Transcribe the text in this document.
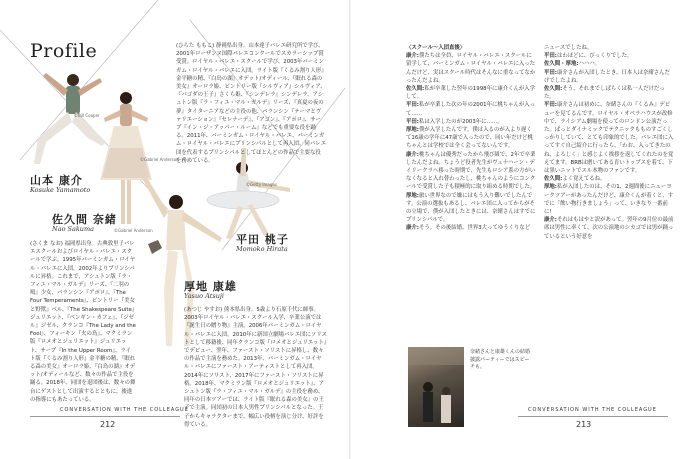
Profile
©Bill Cooper
©Gabriel Anderson
©Gabriel Anderson
©Getty Images
山本 康介
Kosuke Yamamoto
佐久間 奈緒
Nao Sakuma
平田 桃子
Momoko Hirata
厚地 康雄
Yasuo Atsuji

(ひらた ももこ) 静岡県出身。山本達子バレエ研究所で学び、2001年ローザンヌ国際バレエコンクールでスカラーシップ賞受賞。ロイヤル・バレエ・スクールで学び、2003年バーミンガム・ロイヤル・バレエに入団。ライト版『くるみ割り人形』金平糖の精、『白鳥の湖』オデット/オディール、『眠れる森の美女』オーロラ姫、ビントリー版『シルヴィア』シルヴィア、『パゴダの王子』さくら姫、『シンデレラ』シンデレラ、アシュトン版『ラ・フィユ・マル・ガルデ』リーズ、『真夏の夜の夢』タイターニアなどの主役の他、バランシン『テーマとヴァリエーション』『セレナーデ』、『アゴン』、『アポロ』、サープ『イン・ジ・アッパー・ルーム』などでも重要な役を踊る。2011年、バーミンガム・ロイヤル・バレエ、バーミンガム・ロイヤル・バレエにプリンシパルとして再入団。同バレエ団を代表するプリンシパルとしてほとんどの作品で主要な役を務めている。

(さくま なお) 福岡県出身。古典敦里子バレエスクールおよびロイヤル・バレエ・スクールで学ぶ。1995年バーミンガム・ロイヤル・バレエに入団。2002年よりプリンシパルに昇格。これまで、アシュトン版『ラ・フィユ・マル・ガルデ』リーズ、『二羽の鳩』少女、バランシン『アポロ』、『The Four Temperaments』、ビントリー『美女と野獣』ベル、『The Shakespeare Suite』ジュリエット、『ペンギン・カフェ』、『ジゼル』ジゼル、クランコ『The Lady and the Fool』、フォーキン『火の鳥』、マクミラン版『ロメオとジュリエット』ジュリエット、サープ『In the Upper Room』、ライト版『くるみ割り人形』金平糖の精、『眠れる森の美女』オーロラ姫、『白鳥の湖』オデット/オディールなど、数々の作品で主役を踊る。2018年、同団を退団後は、数々の舞台にゲストとして出演するとともに、後進の指導にもあたっている。

(あつじ やすお) 熊本県出身。5歳より石原千代に師事。2003年ロイヤル・バレエ・スクール入学、卒業公演では『誕生日の贈り物』主演。2006年バーミンガム・ロイヤル・バレエに入団。2010年に新国立劇場バレエ団にソリストとして移籍後、同年クランコ版『ロメオとジュリエット』でデビュー、翌年、ファースト・ソリストに昇格し、数々の作品で主演を務めた。2013年、バーミンガム・ロイヤル・バレエにファースト・アーティストとして再入団。2014年にソリスト、2017年にファースト・ソリストに昇格。2018年、マクミラン版『ロメオとジュリエット』、アシュトン版『ラ・フィユ・マル・ガルデ』の主役を務め、同年の日本ツアーでは、ライト版『眠れる森の美女』の王子で主演。同団初の日本人男性プリンシパルとなった。王子からキャラクターまで、幅広い役柄を演じ分け、好評を得ている。

CONVERSATION WITH THE COLLEAGUE
212

〈スクール〜入団直後〉

康介:僕たちは全員、ロイヤル・バレエ・スクールに留学して、バーミンガム・ロイヤル・バレエに入ったんだけど、実はスクール時代はそんなに重なってなかったんだよね。

佐久間:私が卒業した翌年の1998年に康介くんが入学して。

平田:私が卒業した次の年の2001年に桃ちゃんが入って……

平田:私は入学したのが2003年に……。

厚地:僕が入学したんです。僕は入るのが入より遅くて16歳の学年に47歳で入ったので、同い年だけど桃ちゃんとは学校では全く会ってないんです。

康介:桃ちゃんは優秀だったから飛び級で、2年で卒業したんだよね。ちょうど役者先生がヴェナハーン・デイリークラへ移った時期で、先生もロシア系の方がいなくなると入れ替わったし、桃ちゃんのようにコンクールで受賞した子も積極的に取り組める時期でした。

厚地:旅い世界なので嫌にはもう入り難いでしたんです。公演の選抜もあるし、バレエ団に入ってからがその立場で、僕が入団したときには、奈緒さんはすでにプリンシパルで。

康介:そう。その後結婚、世界3大ってゆうくりなど

ニュースでしたね。

平田:はわほどに、びっくりでした。

佐久間・厚地:ハハハ。

平田:康介さんが入団したとき、日本人は奈緒さんだけでしたよね。

佐久間:そう、それまでしばらくは私一人だけだった。

平田:康介さんは初めに、奈緒さんの『くるみ』デビューを見てるんです。ロイヤル・オペラハウスが改修中で、ライシアム劇場を使ってのロンドン公演だった。ぱっとダイナミックでテクニックもものすごくしっかりしていて、とても印象的でした。バレエ団に入ってすぐ自己紹介に行ったら、「わお、入ってきたのね、よろしく」と感じよく挨拶を返してくれたのを覚えてます。BRBは磨いてある育いトップスを着て、下は黒いニットでスル本物のファンです。

佐久間:よく覚えてるね。

厚地:私が入団したのは、その1、2週間後にニューヨークツアーがあったんだけど、康介くんが着くと、すでに「飲い物行きましょう」って、いきなり一番前に!

康介:それはもはやと訳があって。翌年の9月位の最前席は男性に率くて、次の公演地のシカゴでは男が踊っているという好意を

奈緒さんと康雄くんの結婚披露パーティーではスピーチも。
CONVERSATION WITH THE COLLEAGUE
213
